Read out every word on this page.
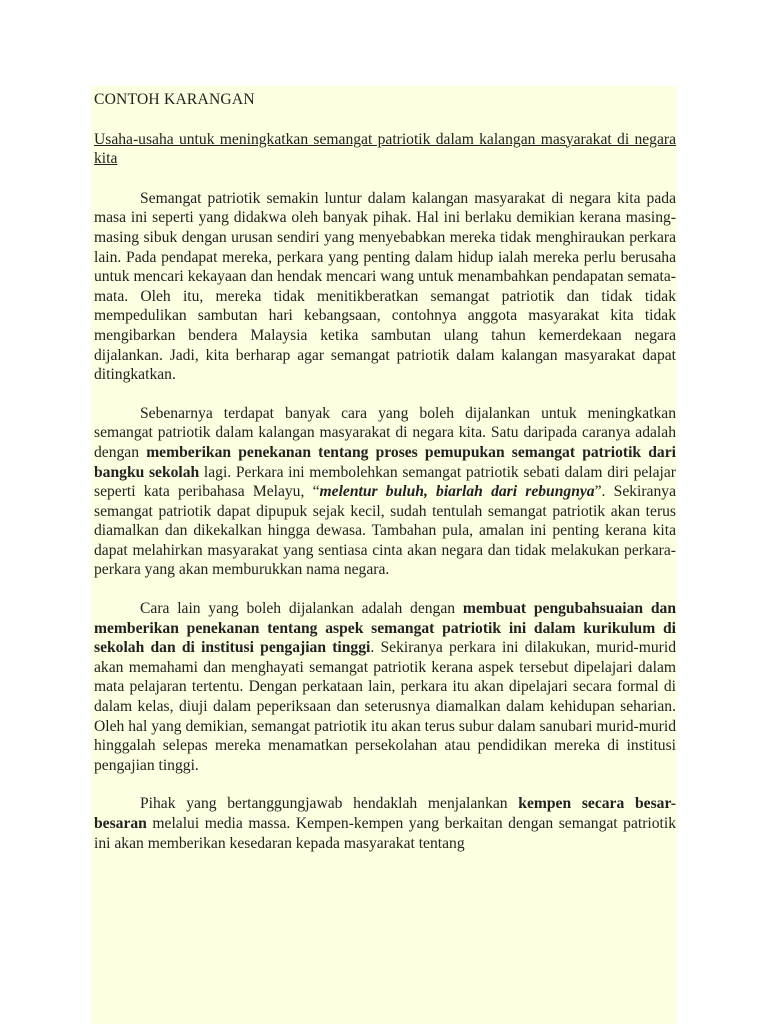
CONTOH KARANGAN

Usaha-usaha untuk meningkatkan semangat patriotik dalam kalangan masyarakat di negara kita

Semangat patriotik semakin luntur dalam kalangan masyarakat di negara kita pada masa ini seperti yang didakwa oleh banyak pihak. Hal ini berlaku demikian kerana masing-masing sibuk dengan urusan sendiri yang menyebabkan mereka tidak menghiraukan perkara lain. Pada pendapat mereka, perkara yang penting dalam hidup ialah mereka perlu berusaha untuk mencari kekayaan dan hendak mencari wang untuk menambahkan pendapatan semata-mata. Oleh itu, mereka tidak menitikberatkan semangat patriotik dan tidak tidak mempedulikan sambutan hari kebangsaan, contohnya anggota masyarakat kita tidak mengibarkan bendera Malaysia ketika sambutan ulang tahun kemerdekaan negara dijalankan. Jadi, kita berharap agar semangat patriotik dalam kalangan masyarakat dapat ditingkatkan.

Sebenarnya terdapat banyak cara yang boleh dijalankan untuk meningkatkan semangat patriotik dalam kalangan masyarakat di negara kita. Satu daripada caranya adalah dengan memberikan penekanan tentang proses pemupukan semangat patriotik dari bangku sekolah lagi. Perkara ini membolehkan semangat patriotik sebati dalam diri pelajar seperti kata peribahasa Melayu, “melentur buluh, biarlah dari rebungnya”. Sekiranya semangat patriotik dapat dipupuk sejak kecil, sudah tentulah semangat patriotik akan terus diamalkan dan dikekalkan hingga dewasa. Tambahan pula, amalan ini penting kerana kita dapat melahirkan masyarakat yang sentiasa cinta akan negara dan tidak melakukan perkara-perkara yang akan memburukkan nama negara.

Cara lain yang boleh dijalankan adalah dengan membuat pengubahsuaian dan memberikan penekanan tentang aspek semangat patriotik ini dalam kurikulum di sekolah dan di institusi pengajian tinggi. Sekiranya perkara ini dilakukan, murid-murid akan memahami dan menghayati semangat patriotik kerana aspek tersebut dipelajari dalam mata pelajaran tertentu. Dengan perkataan lain, perkara itu akan dipelajari secara formal di dalam kelas, diuji dalam peperiksaan dan seterusnya diamalkan dalam kehidupan seharian. Oleh hal yang demikian, semangat patriotik itu akan terus subur dalam sanubari murid-murid hinggalah selepas mereka menamatkan persekolahan atau pendidikan mereka di institusi pengajian tinggi.

Pihak yang bertanggungjawab hendaklah menjalankan kempen secara besar-besaran melalui media massa. Kempen-kempen yang berkaitan dengan semangat patriotik ini akan memberikan kesedaran kepada masyarakat tentang
